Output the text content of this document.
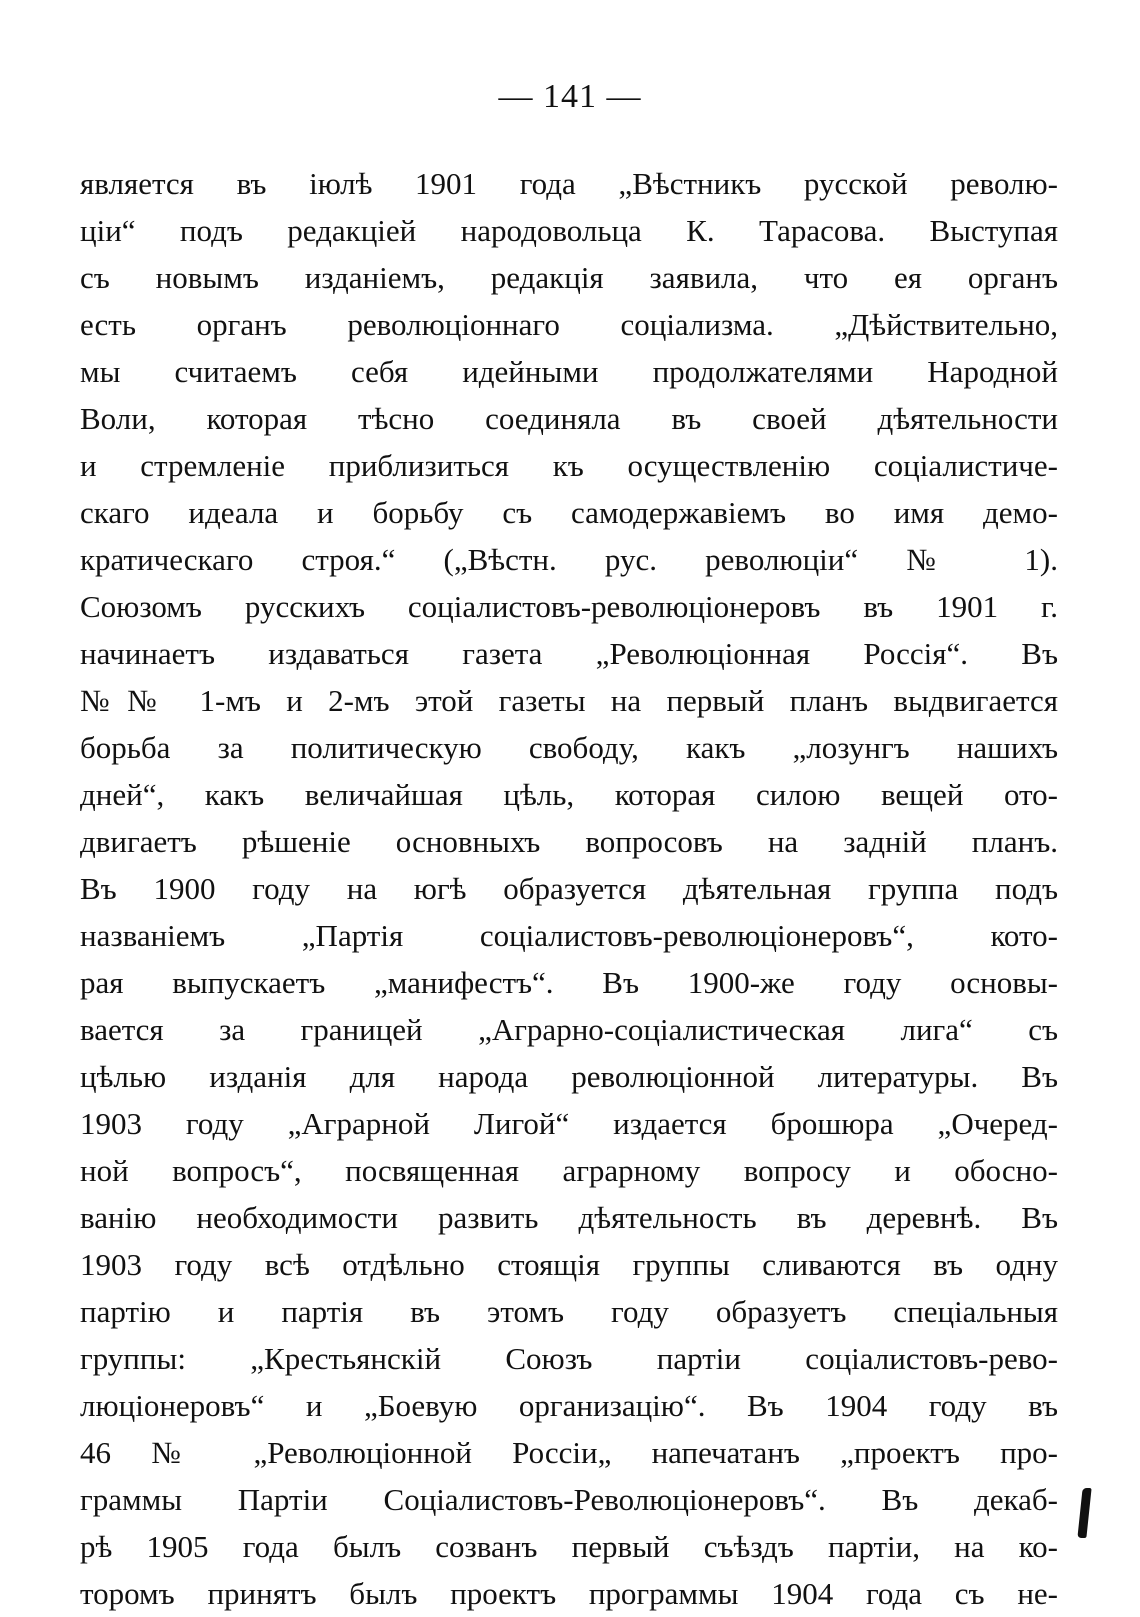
— 141 —
является въ іюлѣ 1901 года „Вѣстникъ русской револю-
ціи“ подъ редакціей народовольца К. Тарасова. Выступая
съ новымъ изданіемъ, редакція заявила, что ея органъ
есть органъ революціоннаго соціализма. „Дѣйствительно,
мы считаемъ себя идейными продолжателями Народной
Воли, которая тѣсно соединяла въ своей дѣятельности
и стремленіе приблизиться къ осуществленію соціалистиче-
скаго идеала и борьбу съ самодержавіемъ во имя демо-
кратическаго строя.“ („Вѣстн. рус. революціи“ № 1).
Союзомъ русскихъ соціалистовъ-революціонеровъ въ 1901 г.
начинаетъ издаваться газета „Революціонная Россія“. Въ
№№ 1-мъ и 2-мъ этой газеты на первый планъ выдвигается
борьба за политическую свободу, какъ „лозунгъ нашихъ
дней“, какъ величайшая цѣль, которая силою вещей ото-
двигаетъ рѣшеніе основныхъ вопросовъ на задній планъ.
Въ 1900 году на югѣ образуется дѣятельная группа подъ
названіемъ „Партія соціалистовъ-революціонеровъ“, кото-
рая выпускаетъ „манифестъ“. Въ 1900-же году основы-
вается за границей „Аграрно-соціалистическая лига“ съ
цѣлью изданія для народа революціонной литературы. Въ
1903 году „Аграрной Лигой“ издается брошюра „Очеред-
ной вопросъ“, посвященная аграрному вопросу и обосно-
ванію необходимости развить дѣятельность въ деревнѣ. Въ
1903 году всѣ отдѣльно стоящія группы сливаются въ одну
партію и партія въ этомъ году образуетъ спеціальныя
группы: „Крестьянскій Союзъ партіи соціалистовъ-рево-
люціонеровъ“ и „Боевую организацію“. Въ 1904 году въ
46 № „Революціонной Россіи„ напечатанъ „проектъ про-
граммы Партіи Соціалистовъ-Революціонеровъ“. Въ декаб-
рѣ 1905 года былъ созванъ первый съѣздъ партіи, на ко-
торомъ принятъ былъ проектъ программы 1904 года съ не-
